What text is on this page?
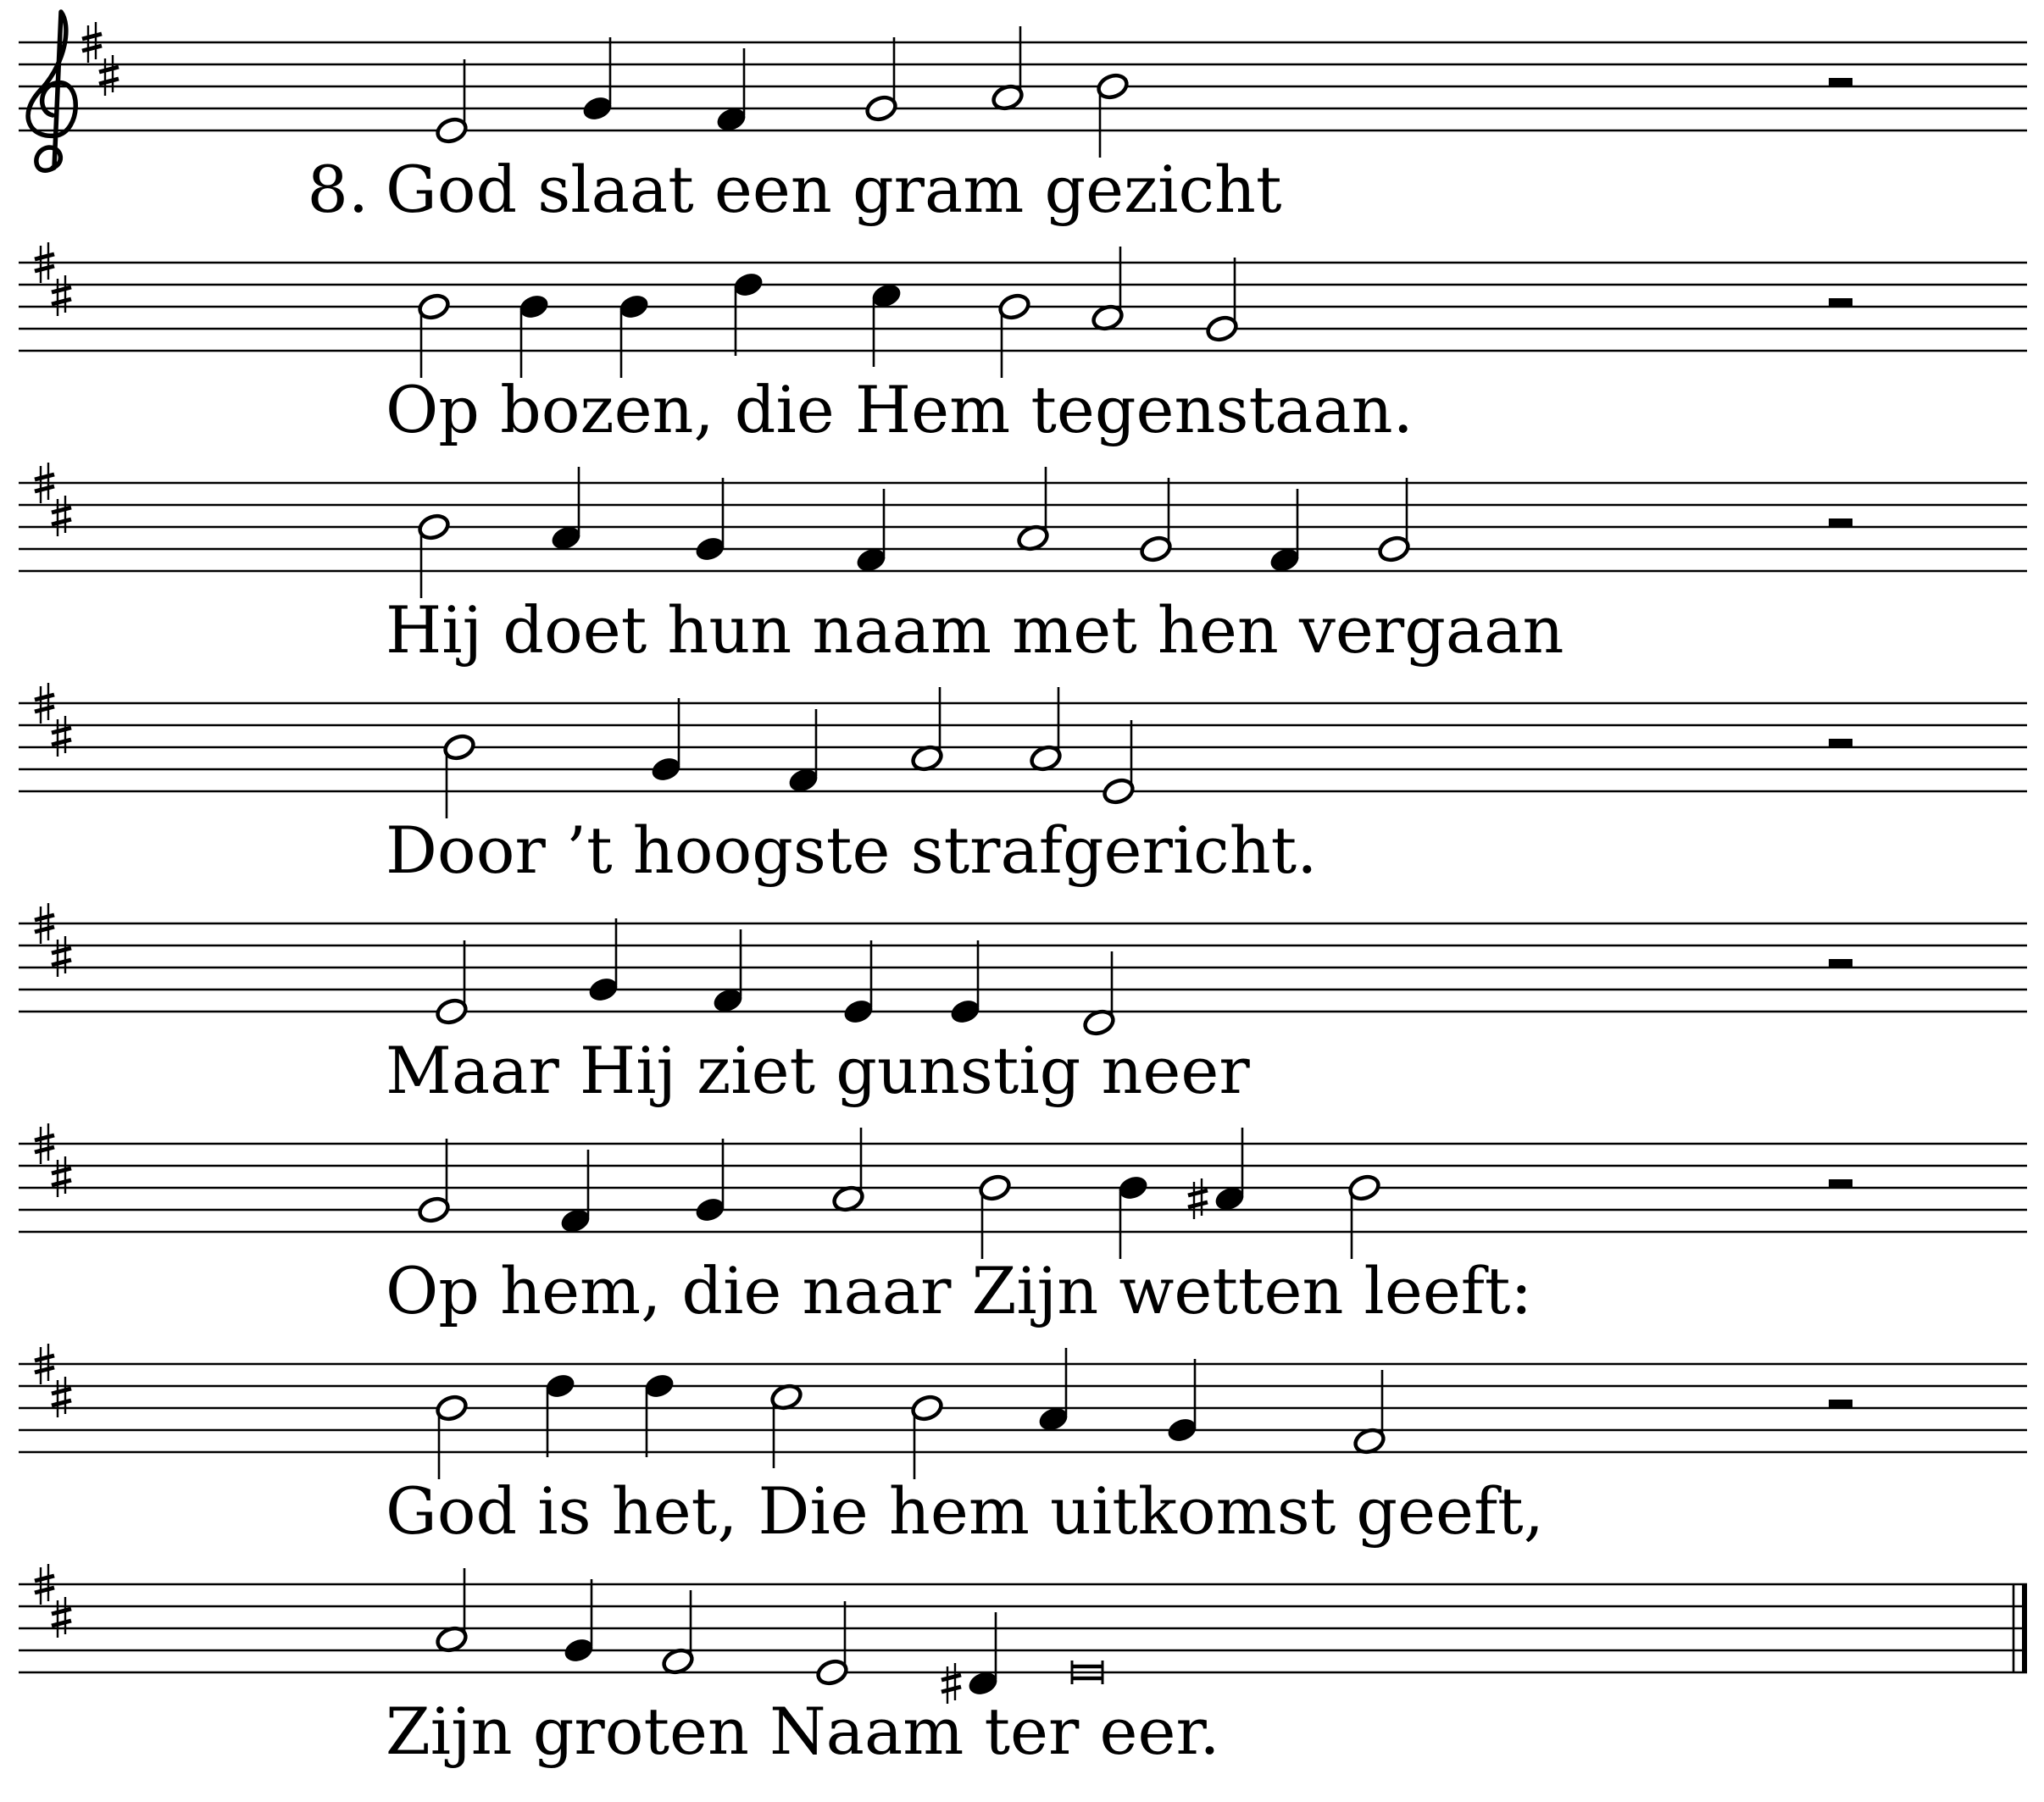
God slaat een gram gezicht
8.
Op bozen, die Hem tegenstaan.
Hij doet hun naam met hen vergaan
Door ’t hoogste strafgericht.
Maar Hij ziet gunstig neer
Op hem, die naar Zijn wetten leeft:
God is het, Die hem uitkomst geeft,
Zijn groten Naam ter eer.
